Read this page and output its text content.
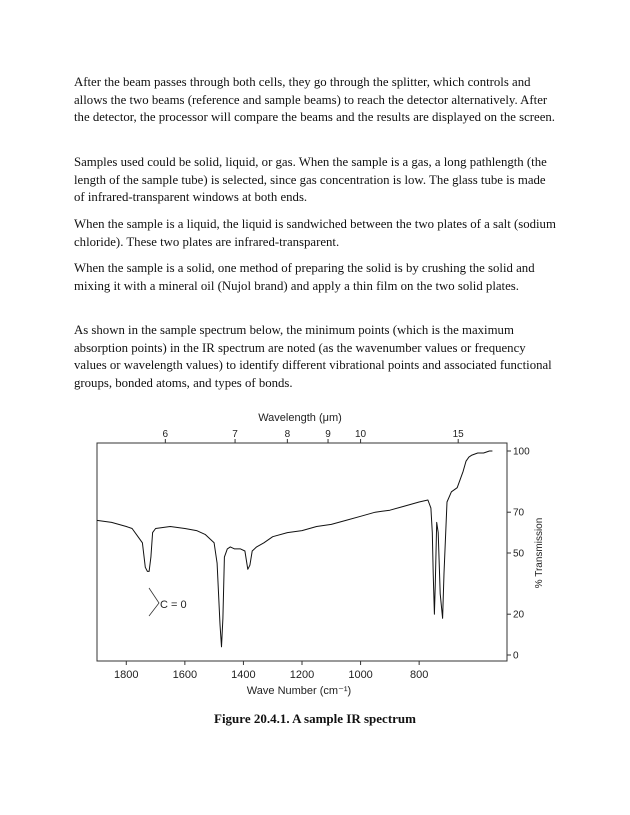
After the beam passes through both cells, they go through the splitter, which controls and allows the two beams (reference and sample beams) to reach the detector alternatively. After the detector, the processor will compare the beams and the results are displayed on the screen.

Samples used could be solid, liquid, or gas. When the sample is a gas, a long pathlength (the length of the sample tube) is selected, since gas concentration is low. The glass tube is made of infrared-transparent windows at both ends.

When the sample is a liquid, the liquid is sandwiched between the two plates of a salt (sodium chloride). These two plates are infrared-transparent.

When the sample is a solid, one method of preparing the solid is by crushing the solid and mixing it with a mineral oil (Nujol brand) and apply a thin film on the two solid plates.

As shown in the sample spectrum below, the minimum points (which is the maximum absorption points) in the IR spectrum are noted (as the wavenumber values or frequency values or wavelength values) to identify different vibrational points and associated functional groups, bonded atoms, and types of bonds.

Wavelength (μm)
Wave Number (cm⁻¹)
% Transmission
C = 0
1800	1600	1400	1200	1000	800
6	7	8	9 10	15
0
20
50
70
100
Figure 20.4.1. A sample IR spectrum
